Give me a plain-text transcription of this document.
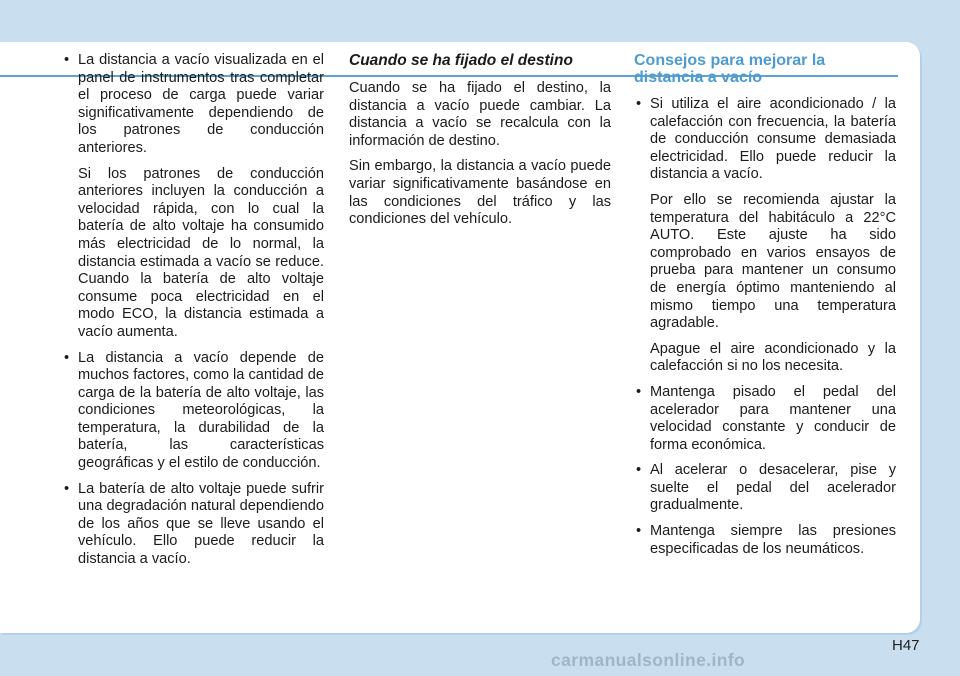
• La distancia a vacío visualizada en el panel de instrumentos tras completar el proceso de carga puede variar significativamente dependiendo de los patrones de conducción anteriores.

Si los patrones de conducción anteriores incluyen la conducción a velocidad rápida, con lo cual la batería de alto voltaje ha consumido más electricidad de lo normal, la distancia estimada a vacío se reduce. Cuando la batería de alto voltaje consume poca electricidad en el modo ECO, la distancia estimada a vacío aumenta.

• La distancia a vacío depende de muchos factores, como la cantidad de carga de la batería de alto voltaje, las condiciones meteorológicas, la temperatura, la durabilidad de la batería, las características geográficas y el estilo de conducción.
• La batería de alto voltaje puede sufrir una degradación natural dependiendo de los años que se lleve usando el vehículo. Ello puede reducir la distancia a vacío.
Cuando se ha fijado el destino

Cuando se ha fijado el destino, la distancia a vacío puede cambiar. La distancia a vacío se recalcula con la información de destino.

Sin embargo, la distancia a vacío puede variar significativamente basándose en las condiciones del tráfico y las condiciones del vehículo.

Consejos para mejorar la distancia a vacío
• Si utiliza el aire acondicionado / la calefacción con frecuencia, la batería de conducción consume demasiada electricidad. Ello puede reducir la distancia a vacío.

Por ello se recomienda ajustar la temperatura del habitáculo a 22°C AUTO. Este ajuste ha sido comprobado en varios ensayos de prueba para mantener un consumo de energía óptimo manteniendo al mismo tiempo una temperatura agradable.

Apague el aire acondicionado y la calefacción si no los necesita.

• Mantenga pisado el pedal del acelerador para mantener una velocidad constante y conducir de forma económica.
• Al acelerar o desacelerar, pise y suelte el pedal del acelerador gradualmente.
• Mantenga siempre las presiones especificadas de los neumáticos.
H47
carmanualsonline.info
